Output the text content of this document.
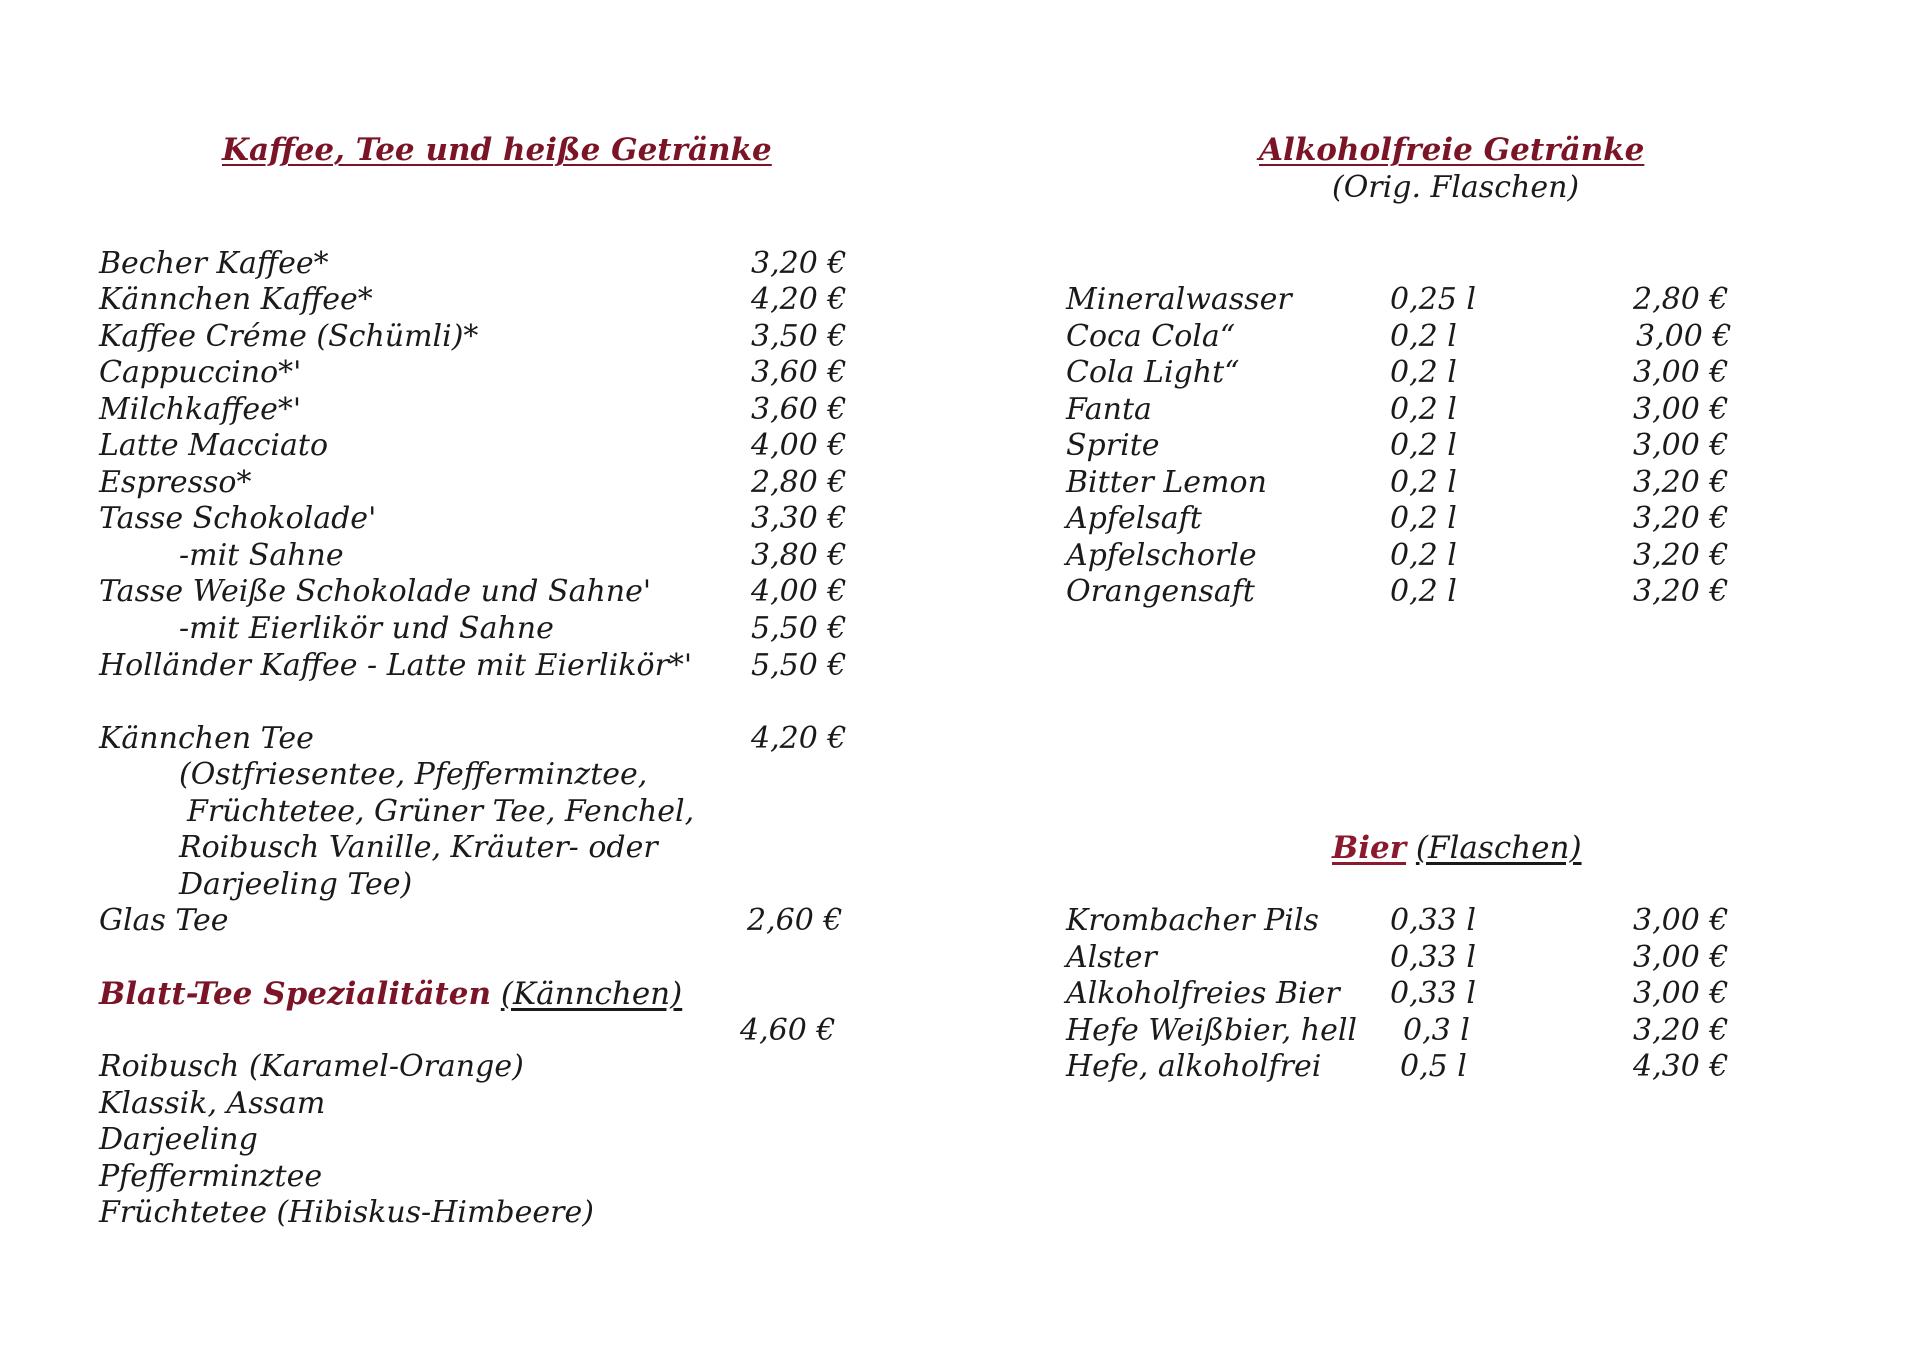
Kaffee, Tee und heiße Getränke
Becher Kaffee*	3,20 €
Kännchen Kaffee*	4,20 €
Kaffee Créme (Schümli)*	3,50 €
Cappuccino*'	3,60 €
Milchkaffee*'	3,60 €
Latte Macciato	4,00 €
Espresso*	2,80 €
Tasse Schokolade'	3,30 €
-mit Sahne	3,80 €
Tasse Weiße Schokolade und Sahne'	4,00 €
-mit Eierlikör und Sahne	5,50 €
Holländer Kaffee - Latte mit Eierlikör*' 5,50 €
Kännchen Tee	4,20 €
(Ostfriesentee, Pfefferminztee,
Früchtetee, Grüner Tee, Fenchel,
Roibusch Vanille, Kräuter- oder
Darjeeling Tee)
Glas Tee	2,60 €
Blatt-Tee Spezialitäten (Kännchen)
4,60 €
Roibusch (Karamel-Orange)
Klassik, Assam
Darjeeling
Pfefferminztee
Früchtetee (Hibiskus-Himbeere)
Alkoholfreie Getränke
(Orig. Flaschen)
Mineralwasser	0,25 l	2,80 €
Coca Cola“	0,2 l	3,00 €
Cola Light“	0,2 l	3,00 €
Fanta	0,2 l	3,00 €
Sprite	0,2 l	3,00 €
Bitter Lemon	0,2 l	3,20 €
Apfelsaft	0,2 l	3,20 €
Apfelschorle	0,2 l	3,20 €
Orangensaft	0,2 l	3,20 €
Bier (Flaschen)
Krombacher Pils 0,33 l	3,00 €
Alster	0,33 l	3,00 €
Alkoholfreies Bier 0,33 l	3,00 €
Hefe Weißbier, hell 0,3 l	3,20 €
Hefe, alkoholfrei	0,5 l	4,30 €
